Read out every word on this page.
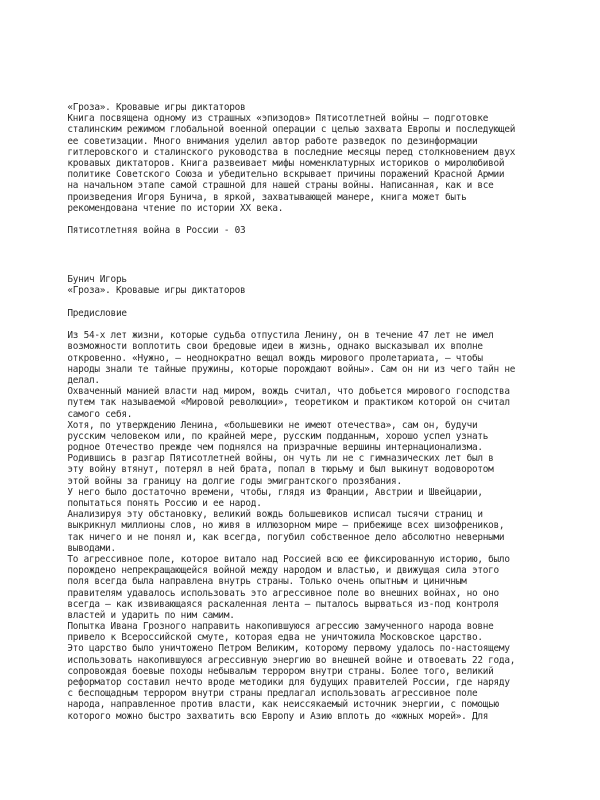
«Гроза». Кровавые игры диктаторов
Книга посвящена одному из страшных «эпизодов» Пятисотлетней войны – подготовке
сталинским режимом глобальной военной операции с целью захвата Европы и последующей
ее советизации. Много внимания уделил автор работе разведок по дезинформации
гитлеровского и сталинского руководства в последние месяцы перед столкновением двух
кровавых диктаторов. Книга развеивает мифы номенклатурных историков о миролюбивой
политике Советского Союза и убедительно вскрывает причины поражений Красной Армии
на начальном этапе самой страшной для нашей страны войны. Написанная, как и все
произведения Игоря Бунича, в яркой, захватывающей манере, книга может быть
рекомендована чтение по истории XX века.
Пятисотлетняя война в России - 03
Бунич Игорь
«Гроза». Кровавые игры диктаторов
Предисловие
Из 54-х лет жизни, которые судьба отпустила Ленину, он в течение 47 лет не имел
возможности воплотить свои бредовые идеи в жизнь, однако высказывал их вполне
откровенно. «Нужно, – неоднократно вещал вождь мирового пролетариата, – чтобы
народы знали те тайные пружины, которые порождают войны». Сам он ни из чего тайн не
делал.
Охваченный манией власти над миром, вождь считал, что добьется мирового господства
путем так называемой «Мировой революции», теоретиком и практиком которой он считал
самого себя.
Хотя, по утверждению Ленина, «большевики не имеют отечества», сам он, будучи
русским человеком или, по крайней мере, русским подданным, хорошо успел узнать
родное Отечество прежде чем поднялся на призрачные вершины интернационализма.
Родившись в разгар Пятисотлетней войны, он чуть ли не с гимназических лет был в
эту войну втянут, потерял в ней брата, попал в тюрьму и был выкинут водоворотом
этой войны за границу на долгие годы эмигрантского прозябания.
У него было достаточно времени, чтобы, глядя из Франции, Австрии и Швейцарии,
попытаться понять Россию и ее народ.
Анализируя эту обстановку, великий вождь большевиков исписал тысячи страниц и
выкрикнул миллионы слов, но живя в иллюзорном мире – прибежище всех шизофреников,
так ничего и не понял и, как всегда, погубил собственное дело абсолютно неверными
выводами.
То агрессивное поле, которое витало над Россией всю ее фиксированную историю, было
порождено непрекращающейся войной между народом и властью, и движущая сила этого
поля всегда была направлена внутрь страны. Только очень опытным и циничным
правителям удавалось использовать это агрессивное поле во внешних войнах, но оно
всегда – как извивающаяся раскаленная лента – пыталось вырваться из-под контроля
властей и ударить по ним самим.
Попытка Ивана Грозного направить накопившуюся агрессию замученного народа вовне
привело к Всероссийской смуте, которая едва не уничтожила Московское царство.
Это царство было уничтожено Петром Великим, которому первому удалось по-настоящему
использовать накопившуюся агрессивную энергию во внешней войне и отвоевать 22 года,
сопровождая боевые походы небывалым террором внутри страны. Более того, великий
реформатор составил нечто вроде методики для будущих правителей России, где наряду
с беспощадным террором внутри страны предлагал использовать агрессивное поле
народа, направленное против власти, как неиссякаемый источник энергии, с помощью
которого можно быстро захватить всю Европу и Азию вплоть до «южных морей». Для
